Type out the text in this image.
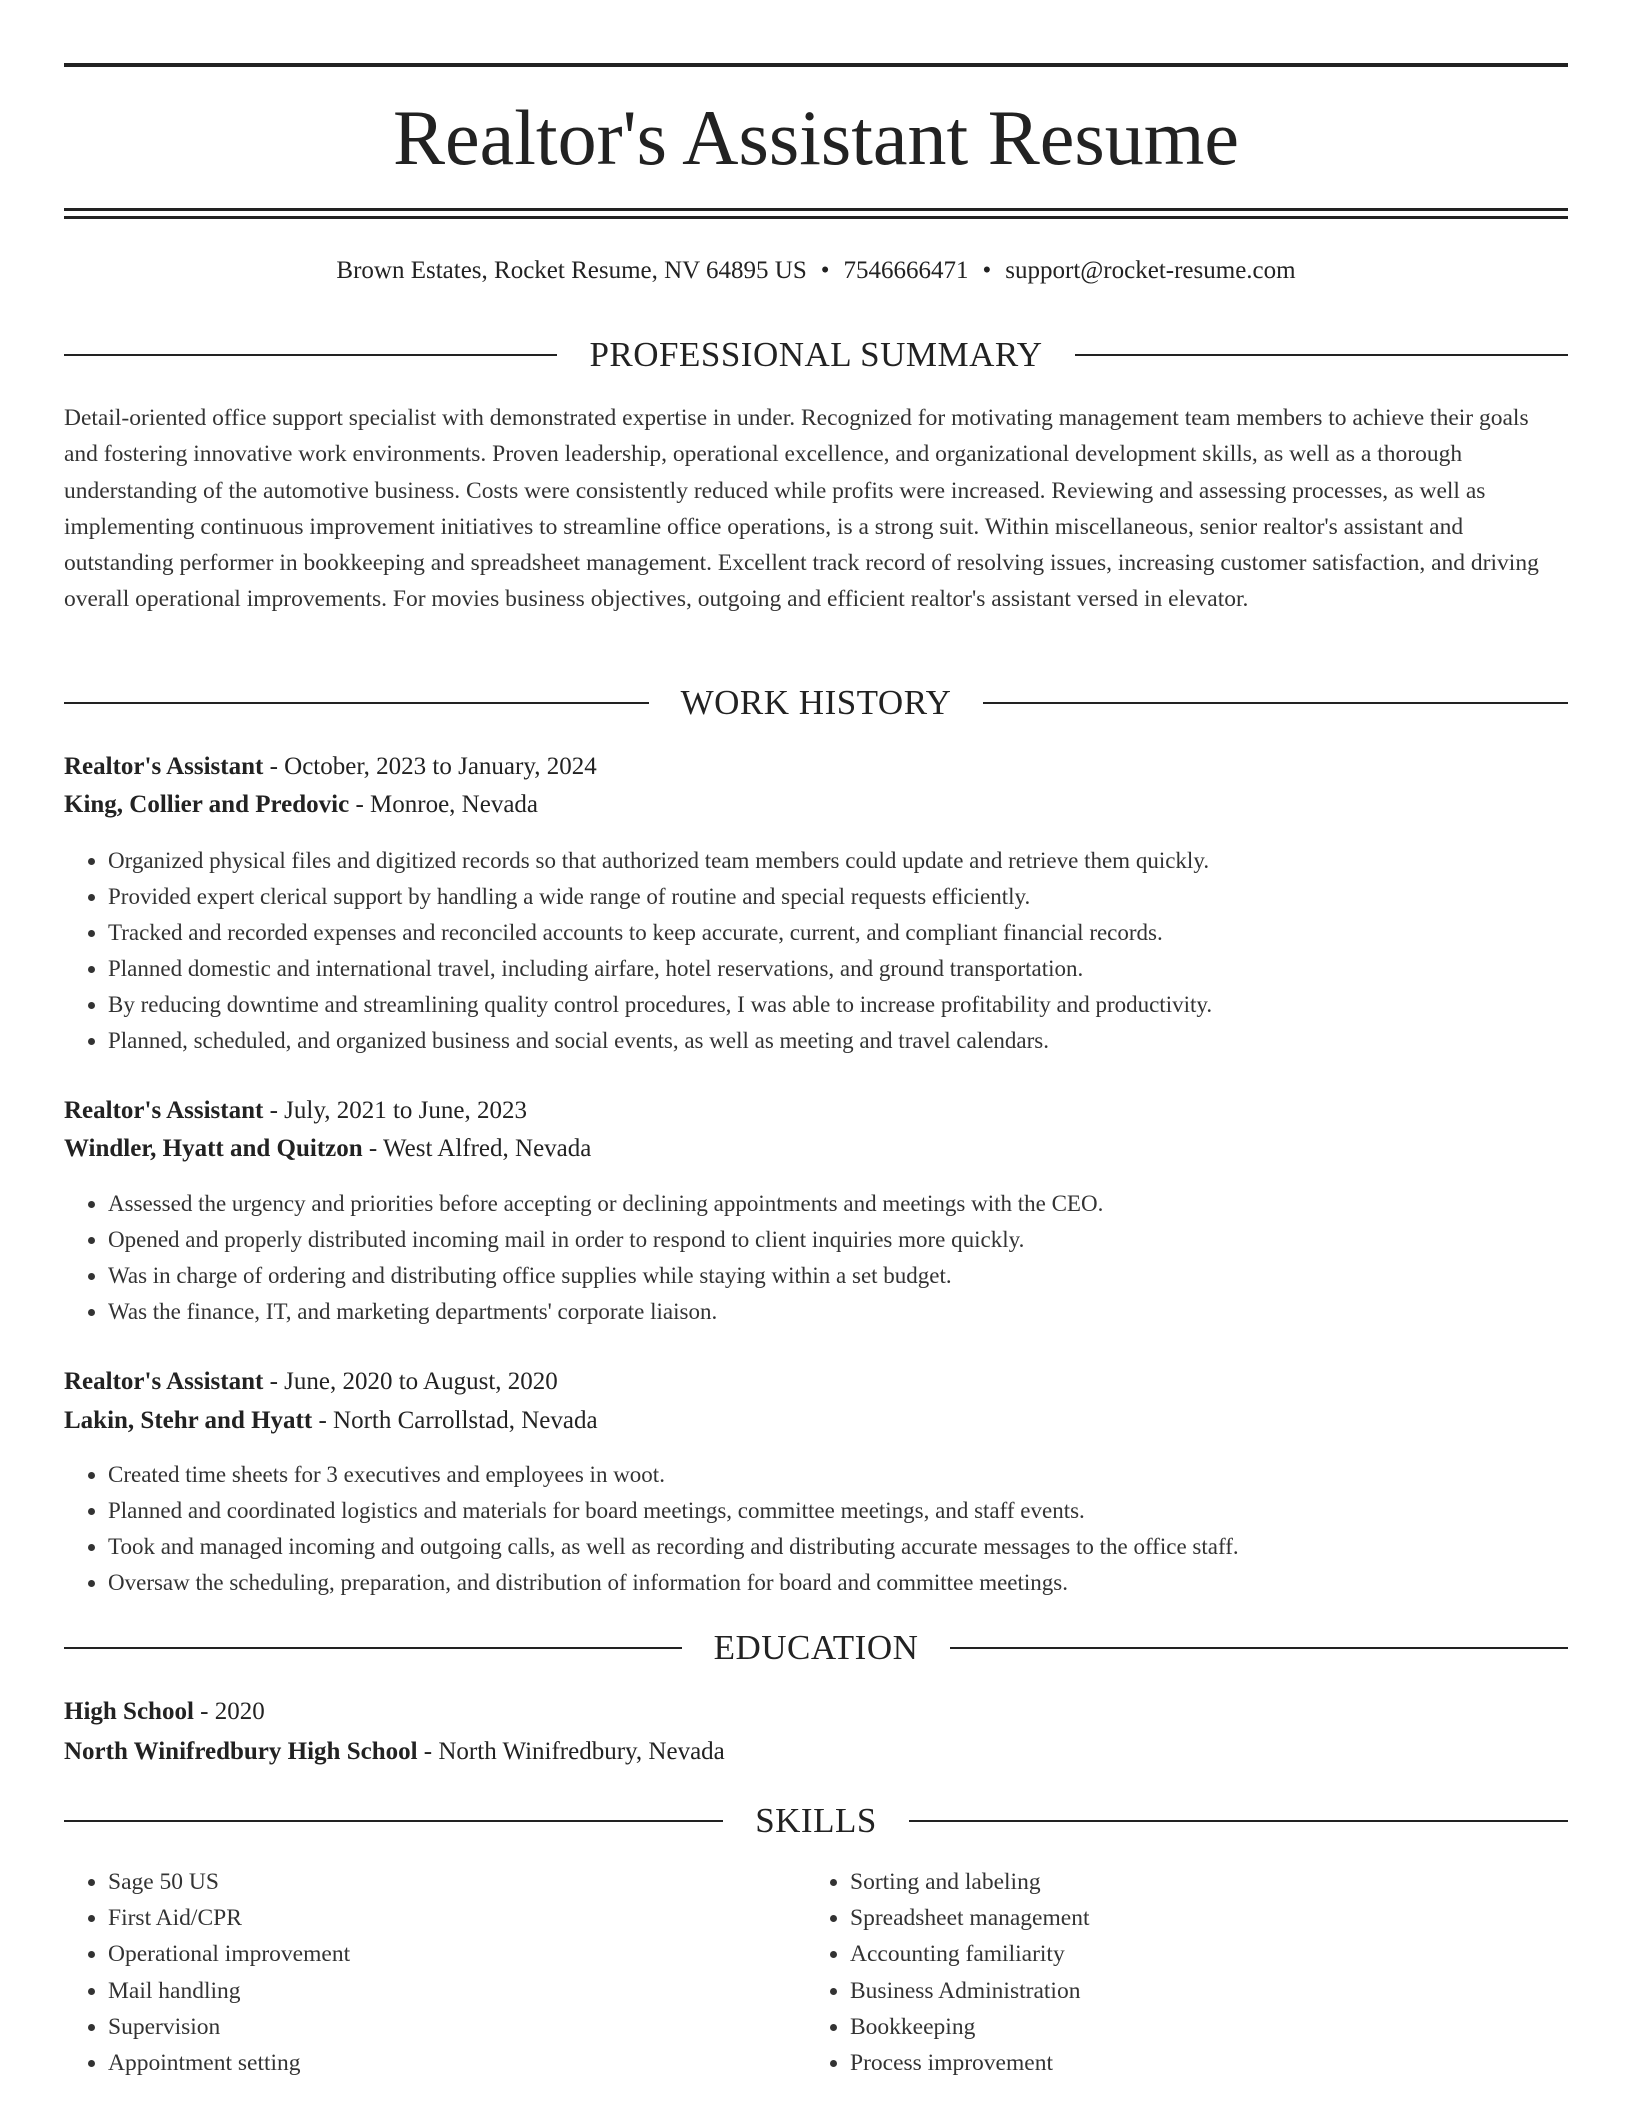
Realtor's Assistant Resume
Brown Estates, Rocket Resume, NV 64895 US • 7546666471 • support@rocket-resume.com
PROFESSIONAL SUMMARY
Detail-oriented office support specialist with demonstrated expertise in under. Recognized for motivating management team members to achieve their goals and fostering innovative work environments. Proven leadership, operational excellence, and organizational development skills, as well as a thorough understanding of the automotive business. Costs were consistently reduced while profits were increased. Reviewing and assessing processes, as well as implementing continuous improvement initiatives to streamline office operations, is a strong suit. Within miscellaneous, senior realtor's assistant and outstanding performer in bookkeeping and spreadsheet management. Excellent track record of resolving issues, increasing customer satisfaction, and driving overall operational improvements. For movies business objectives, outgoing and efficient realtor's assistant versed in elevator.
WORK HISTORY
Realtor's Assistant - October, 2023 to January, 2024
King, Collier and Predovic - Monroe, Nevada
• Organized physical files and digitized records so that authorized team members could update and retrieve them quickly.
• Provided expert clerical support by handling a wide range of routine and special requests efficiently.
• Tracked and recorded expenses and reconciled accounts to keep accurate, current, and compliant financial records.
• Planned domestic and international travel, including airfare, hotel reservations, and ground transportation.
• By reducing downtime and streamlining quality control procedures, I was able to increase profitability and productivity.
• Planned, scheduled, and organized business and social events, as well as meeting and travel calendars.
Realtor's Assistant - July, 2021 to June, 2023
Windler, Hyatt and Quitzon - West Alfred, Nevada
• Assessed the urgency and priorities before accepting or declining appointments and meetings with the CEO.
• Opened and properly distributed incoming mail in order to respond to client inquiries more quickly.
• Was in charge of ordering and distributing office supplies while staying within a set budget.
• Was the finance, IT, and marketing departments' corporate liaison.
Realtor's Assistant - June, 2020 to August, 2020
Lakin, Stehr and Hyatt - North Carrollstad, Nevada
• Created time sheets for 3 executives and employees in woot.
• Planned and coordinated logistics and materials for board meetings, committee meetings, and staff events.
• Took and managed incoming and outgoing calls, as well as recording and distributing accurate messages to the office staff.
• Oversaw the scheduling, preparation, and distribution of information for board and committee meetings.
EDUCATION
High School - 2020
North Winifredbury High School - North Winifredbury, Nevada
SKILLS
• Sage 50 US
• First Aid/CPR
• Operational improvement
• Mail handling
• Supervision
• Appointment setting
• Sorting and labeling
• Spreadsheet management
• Accounting familiarity
• Business Administration
• Bookkeeping
• Process improvement
